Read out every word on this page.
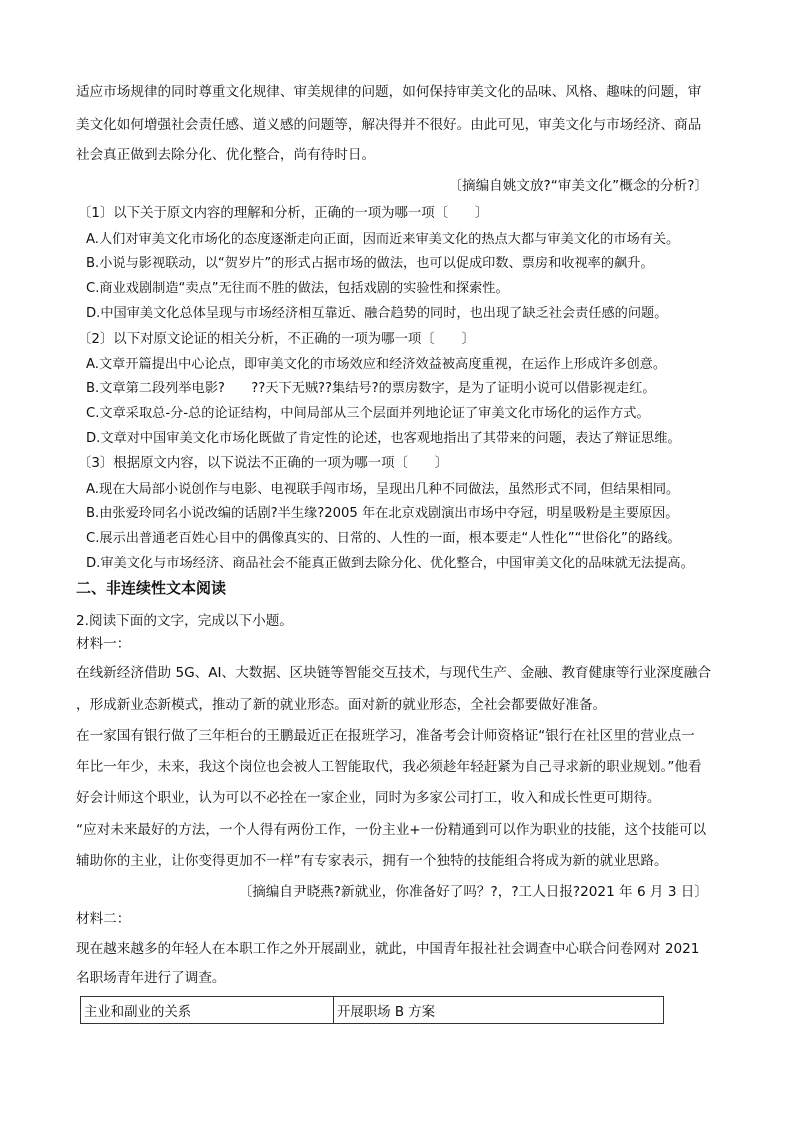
适应市场规律的同时尊重文化规律、审美规律的问题，如何保持审美文化的品味、风格、趣味的问题，审
美文化如何增强社会责任感、道义感的问题等，解决得并不很好。由此可见，审美文化与市场经济、商品
社会真正做到去除分化、优化整合，尚有待时日。
〔摘编自姚文放?“审美文化”概念的分析?〕
〔1〕以下关于原文内容的理解和分析，正确的一项为哪一项〔　　〕
A.人们对审美文化市场化的态度逐渐走向正面，因而近来审美文化的热点大都与审美文化的市场有关。
B.小说与影视联动，以“贺岁片”的形式占据市场的做法，也可以促成印数、票房和收视率的飙升。
C.商业戏剧制造“卖点”无往而不胜的做法，包括戏剧的实验性和探索性。
D.中国审美文化总体呈现与市场经济相互靠近、融合趋势的同时，也出现了缺乏社会责任感的问题。
〔2〕以下对原文论证的相关分析，不正确的一项为哪一项〔　　〕
A.文章开篇提出中心论点，即审美文化的市场效应和经济效益被高度重视，在运作上形成许多创意。
B.文章第二段列举电影?　　??天下无贼??集结号?的票房数字，是为了证明小说可以借影视走红。
C.文章采取总-分-总的论证结构，中间局部从三个层面并列地论证了审美文化市场化的运作方式。
D.文章对中国审美文化市场化既做了肯定性的论述，也客观地指出了其带来的问题，表达了辩证思维。
〔3〕根据原文内容，以下说法不正确的一项为哪一项〔　　〕
A.现在大局部小说创作与电影、电视联手闯市场，呈现出几种不同做法，虽然形式不同，但结果相同。
B.由张爱玲同名小说改编的话剧?半生缘?2005 年在北京戏剧演出市场中夺冠，明星吸粉是主要原因。
C.展示出普通老百姓心目中的偶像真实的、日常的、人性的一面，根本要走“人性化”“世俗化”的路线。
D.审美文化与市场经济、商品社会不能真正做到去除分化、优化整合，中国审美文化的品味就无法提高。
二、非连续性文本阅读
2.阅读下面的文字，完成以下小题。
材料一：
在线新经济借助 5G、AI、大数据、区块链等智能交互技术，与现代生产、金融、教育健康等行业深度融合
，形成新业态新模式，推动了新的就业形态。面对新的就业形态，全社会都要做好准备。
在一家国有银行做了三年柜台的王鹏最近正在报班学习，准备考会计师资格证“银行在社区里的营业点一
年比一年少，未来，我这个岗位也会被人工智能取代，我必须趁年轻赶紧为自己寻求新的职业规划。”他看
好会计师这个职业，认为可以不必拴在一家企业，同时为多家公司打工，收入和成长性更可期待。
“应对未来最好的方法，一个人得有两份工作，一份主业+一份精通到可以作为职业的技能，这个技能可以
辅助你的主业，让你变得更加不一样”有专家表示，拥有一个独特的技能组合将成为新的就业思路。
〔摘编自尹晓燕?新就业，你准备好了吗？?，?工人日报?2021 年 6 月 3 日〕
材料二：
现在越来越多的年轻人在本职工作之外开展副业，就此，中国青年报社社会调查中心联合问卷网对 2021
名职场青年进行了调查。
主业和副业的关系	开展职场 B 方案
